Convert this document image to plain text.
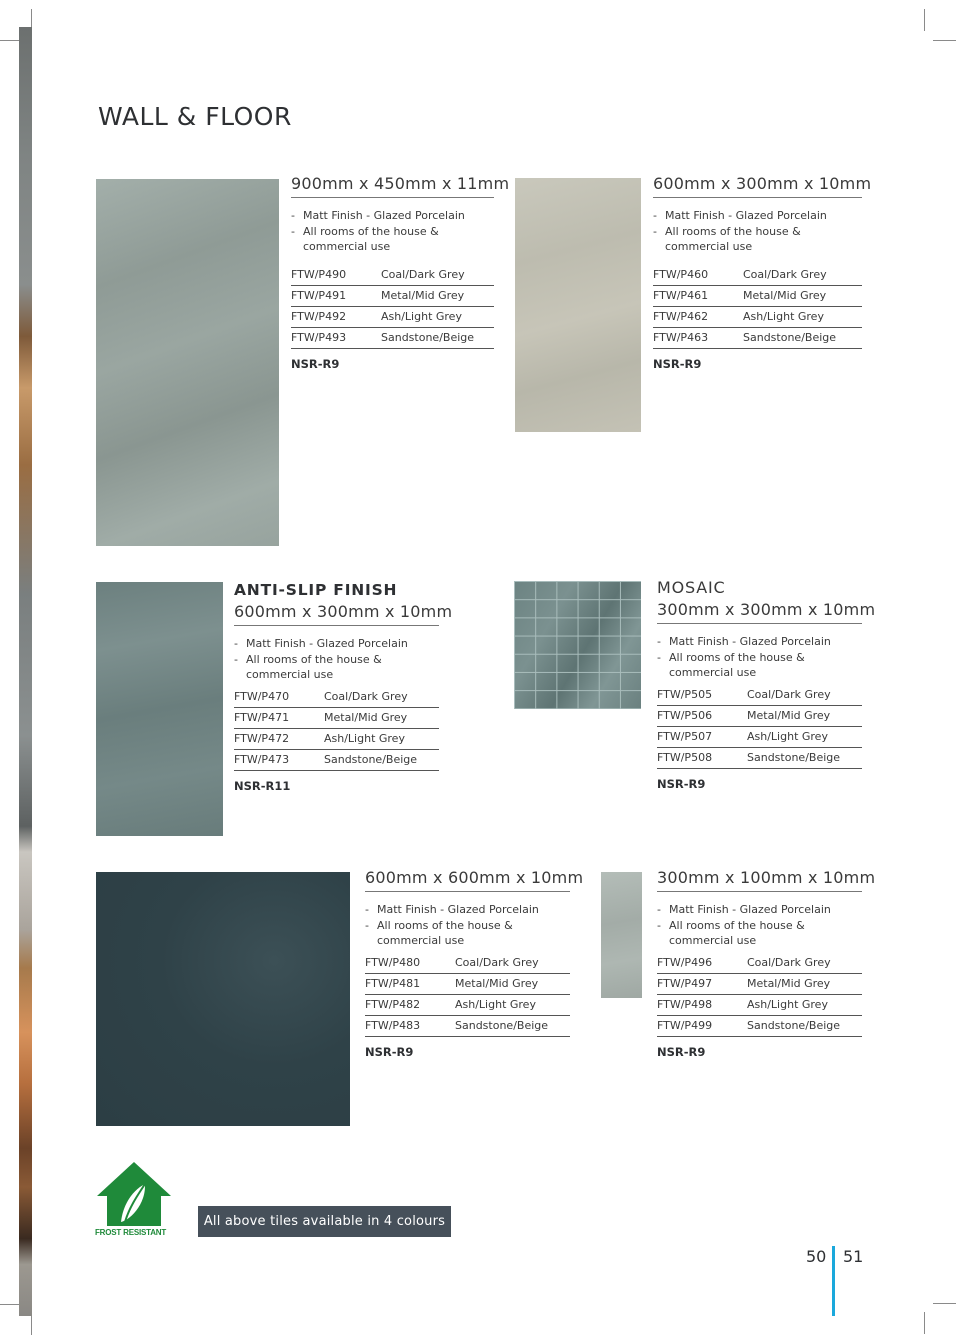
WALL & FLOOR
900mm x 450mm x 11mm
- Matt Finish - Glazed Porcelain
- All rooms of the house & commercial use
FTW/P490	Coal/Dark Grey
FTW/P491	Metal/Mid Grey
FTW/P492	Ash/Light Grey
FTW/P493	Sandstone/Beige
NSR-R9
600mm x 300mm x 10mm
- Matt Finish - Glazed Porcelain
- All rooms of the house & commercial use
FTW/P460	Coal/Dark Grey
FTW/P461	Metal/Mid Grey
FTW/P462	Ash/Light Grey
FTW/P463	Sandstone/Beige
NSR-R9
ANTI-SLIP FINISH
600mm x 300mm x 10mm
- Matt Finish - Glazed Porcelain
- All rooms of the house & commercial use
FTW/P470	Coal/Dark Grey
FTW/P471	Metal/Mid Grey
FTW/P472	Ash/Light Grey
FTW/P473	Sandstone/Beige
NSR-R11
MOSAIC
300mm x 300mm x 10mm
- Matt Finish - Glazed Porcelain
- All rooms of the house & commercial use
FTW/P505	Coal/Dark Grey
FTW/P506	Metal/Mid Grey
FTW/P507	Ash/Light Grey
FTW/P508	Sandstone/Beige
NSR-R9
600mm x 600mm x 10mm
- Matt Finish - Glazed Porcelain
- All rooms of the house & commercial use
FTW/P480	Coal/Dark Grey
FTW/P481	Metal/Mid Grey
FTW/P482	Ash/Light Grey
FTW/P483	Sandstone/Beige
NSR-R9
300mm x 100mm x 10mm
- Matt Finish - Glazed Porcelain
- All rooms of the house & commercial use
FTW/P496	Coal/Dark Grey
FTW/P497	Metal/Mid Grey
FTW/P498	Ash/Light Grey
FTW/P499	Sandstone/Beige
NSR-R9
FROST RESISTANT
All above tiles available in 4 colours
50 51
